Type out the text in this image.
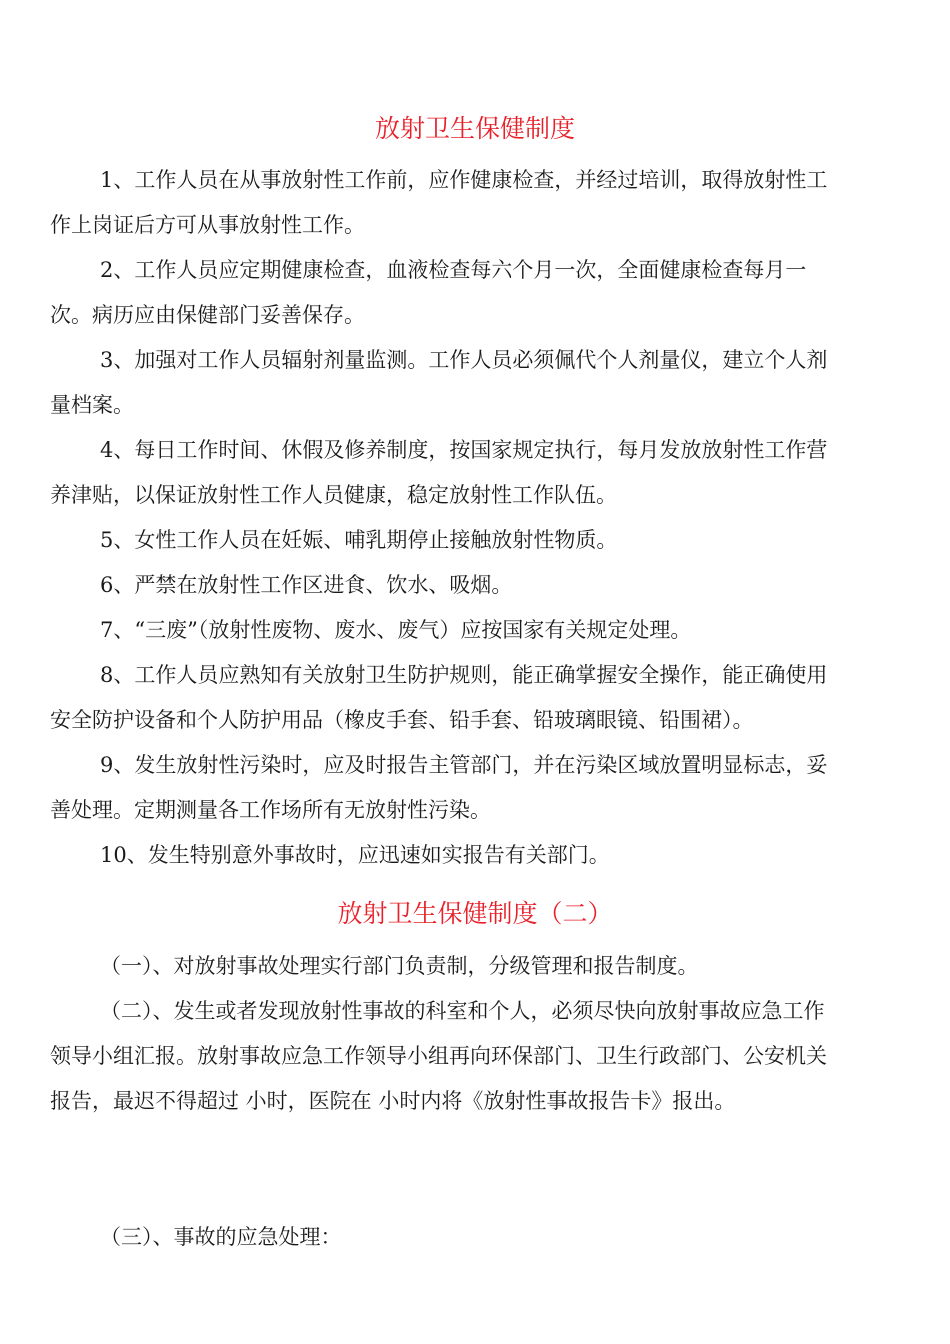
放射卫生保健制度
1、工作人员在从事放射性工作前，应作健康检查，并经过培训，取得放射性工
作上岗证后方可从事放射性工作。
2、工作人员应定期健康检查，血液检查每六个月一次，全面健康检查每月一
次。病历应由保健部门妥善保存。
3、加强对工作人员辐射剂量监测。工作人员必须佩代个人剂量仪，建立个人剂
量档案。
4、每日工作时间、休假及修养制度，按国家规定执行，每月发放放射性工作营
养津贴，以保证放射性工作人员健康，稳定放射性工作队伍。
5、女性工作人员在妊娠、哺乳期停止接触放射性物质。
6、严禁在放射性工作区进食、饮水、吸烟。
7、“三废”（放射性废物、废水、废气）应按国家有关规定处理。
8、工作人员应熟知有关放射卫生防护规则，能正确掌握安全操作，能正确使用
安全防护设备和个人防护用品（橡皮手套、铅手套、铅玻璃眼镜、铅围裙）。
9、发生放射性污染时，应及时报告主管部门，并在污染区域放置明显标志，妥
善处理。定期测量各工作场所有无放射性污染。
10、发生特别意外事故时，应迅速如实报告有关部门。
放射卫生保健制度（二）
（一）、对放射事故处理实行部门负责制，分级管理和报告制度。
（二）、发生或者发现放射性事故的科室和个人，必须尽快向放射事故应急工作
领导小组汇报。放射事故应急工作领导小组再向环保部门、卫生行政部门、公安机关
报告，最迟不得超过 小时，医院在 小时内将《放射性事故报告卡》报出。
（三）、事故的应急处理：
